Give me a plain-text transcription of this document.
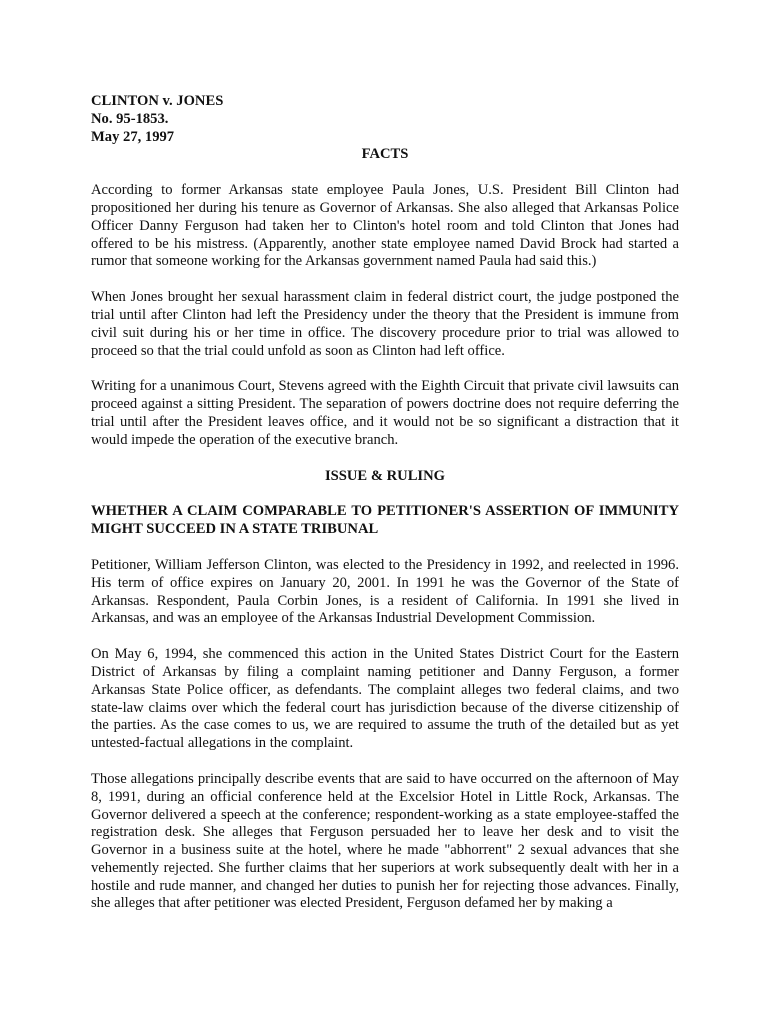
CLINTON v. JONES
No. 95-1853.
May 27, 1997
FACTS

According to former Arkansas state employee Paula Jones, U.S. President Bill Clinton had propositioned her during his tenure as Governor of Arkansas. She also alleged that Arkansas Police Officer Danny Ferguson had taken her to Clinton's hotel room and told Clinton that Jones had offered to be his mistress. (Apparently, another state employee named David Brock had started a rumor that someone working for the Arkansas government named Paula had said this.)

When Jones brought her sexual harassment claim in federal district court, the judge postponed the trial until after Clinton had left the Presidency under the theory that the President is immune from civil suit during his or her time in office. The discovery procedure prior to trial was allowed to proceed so that the trial could unfold as soon as Clinton had left office.

Writing for a unanimous Court, Stevens agreed with the Eighth Circuit that private civil lawsuits can proceed against a sitting President. The separation of powers doctrine does not require deferring the trial until after the President leaves office, and it would not be so significant a distraction that it would impede the operation of the executive branch.

ISSUE & RULING
WHETHER A CLAIM COMPARABLE TO PETITIONER'S ASSERTION OF IMMUNITY MIGHT SUCCEED IN A STATE TRIBUNAL

Petitioner, William Jefferson Clinton, was elected to the Presidency in 1992, and reelected in 1996. His term of office expires on January 20, 2001. In 1991 he was the Governor of the State of Arkansas. Respondent, Paula Corbin Jones, is a resident of California. In 1991 she lived in Arkansas, and was an employee of the Arkansas Industrial Development Commission.

On May 6, 1994, she commenced this action in the United States District Court for the Eastern District of Arkansas by filing a complaint naming petitioner and Danny Ferguson, a former Arkansas State Police officer, as defendants. The complaint alleges two federal claims, and two state-law claims over which the federal court has jurisdiction because of the diverse citizenship of the parties. As the case comes to us, we are required to assume the truth of the detailed but as yet untested-factual allegations in the complaint.

Those allegations principally describe events that are said to have occurred on the afternoon of May 8, 1991, during an official conference held at the Excelsior Hotel in Little Rock, Arkansas. The Governor delivered a speech at the conference; respondent-working as a state employee-staffed the registration desk. She alleges that Ferguson persuaded her to leave her desk and to visit the Governor in a business suite at the hotel, where he made "abhorrent" 2 sexual advances that she vehemently rejected. She further claims that her superiors at work subsequently dealt with her in a hostile and rude manner, and changed her duties to punish her for rejecting those advances. Finally, she alleges that after petitioner was elected President, Ferguson defamed her by making a
